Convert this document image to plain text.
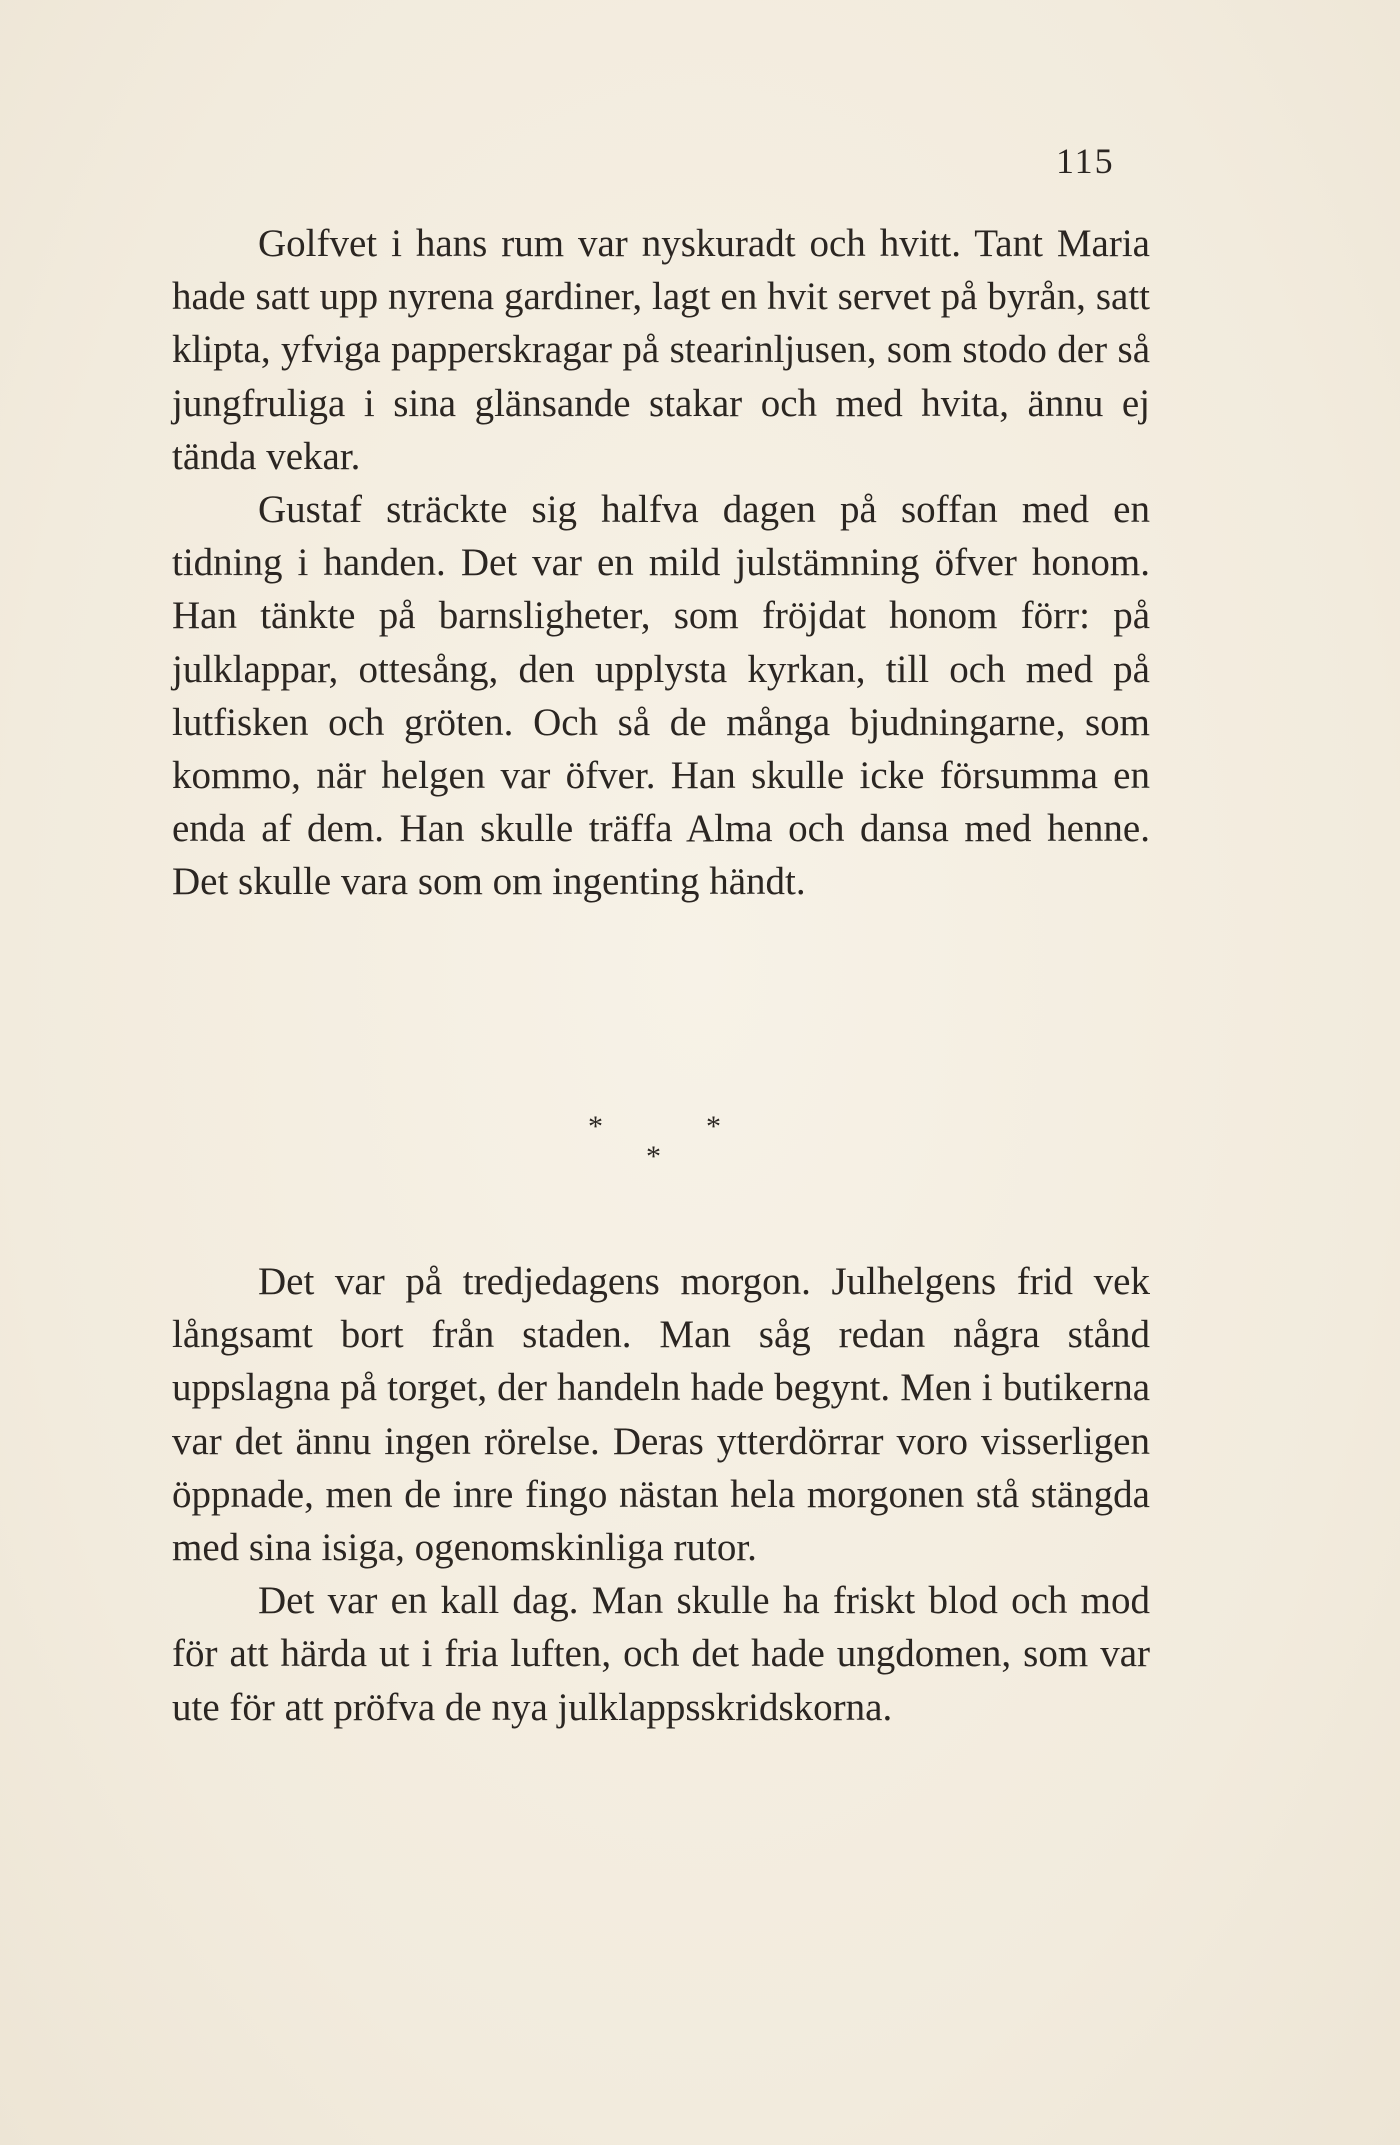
115

Golfvet i hans rum var nyskuradt och hvitt. Tant Maria hade satt upp nyrena gardiner, lagt en hvit servet på byrån, satt klipta, yfviga papperskragar på stearinljusen, som stodo der så jungfruliga i sina glänsande stakar och med hvita, ännu ej tända vekar.

Gustaf sträckte sig halfva dagen på soffan med en tidning i handen. Det var en mild julstämning öfver honom. Han tänkte på barnsligheter, som fröjdat honom förr: på julklappar, ottesång, den upplysta kyrkan, till och med på lutfisken och gröten. Och så de många bjudningarne, som kommo, när helgen var öfver. Han skulle icke försumma en enda af dem. Han skulle träffa Alma och dansa med henne. Det skulle vara som om ingenting händt.

*	*
*

Det var på tredjedagens morgon. Julhelgens frid vek långsamt bort från staden. Man såg redan några stånd uppslagna på torget, der handeln hade begynt. Men i butikerna var det ännu ingen rörelse. Deras ytterdörrar voro visserligen öppnade, men de inre fingo nästan hela morgonen stå stängda med sina isiga, ogenomskinliga rutor.

Det var en kall dag. Man skulle ha friskt blod och mod för att härda ut i fria luften, och det hade ungdomen, som var ute för att pröfva de nya julklappsskridskorna.
